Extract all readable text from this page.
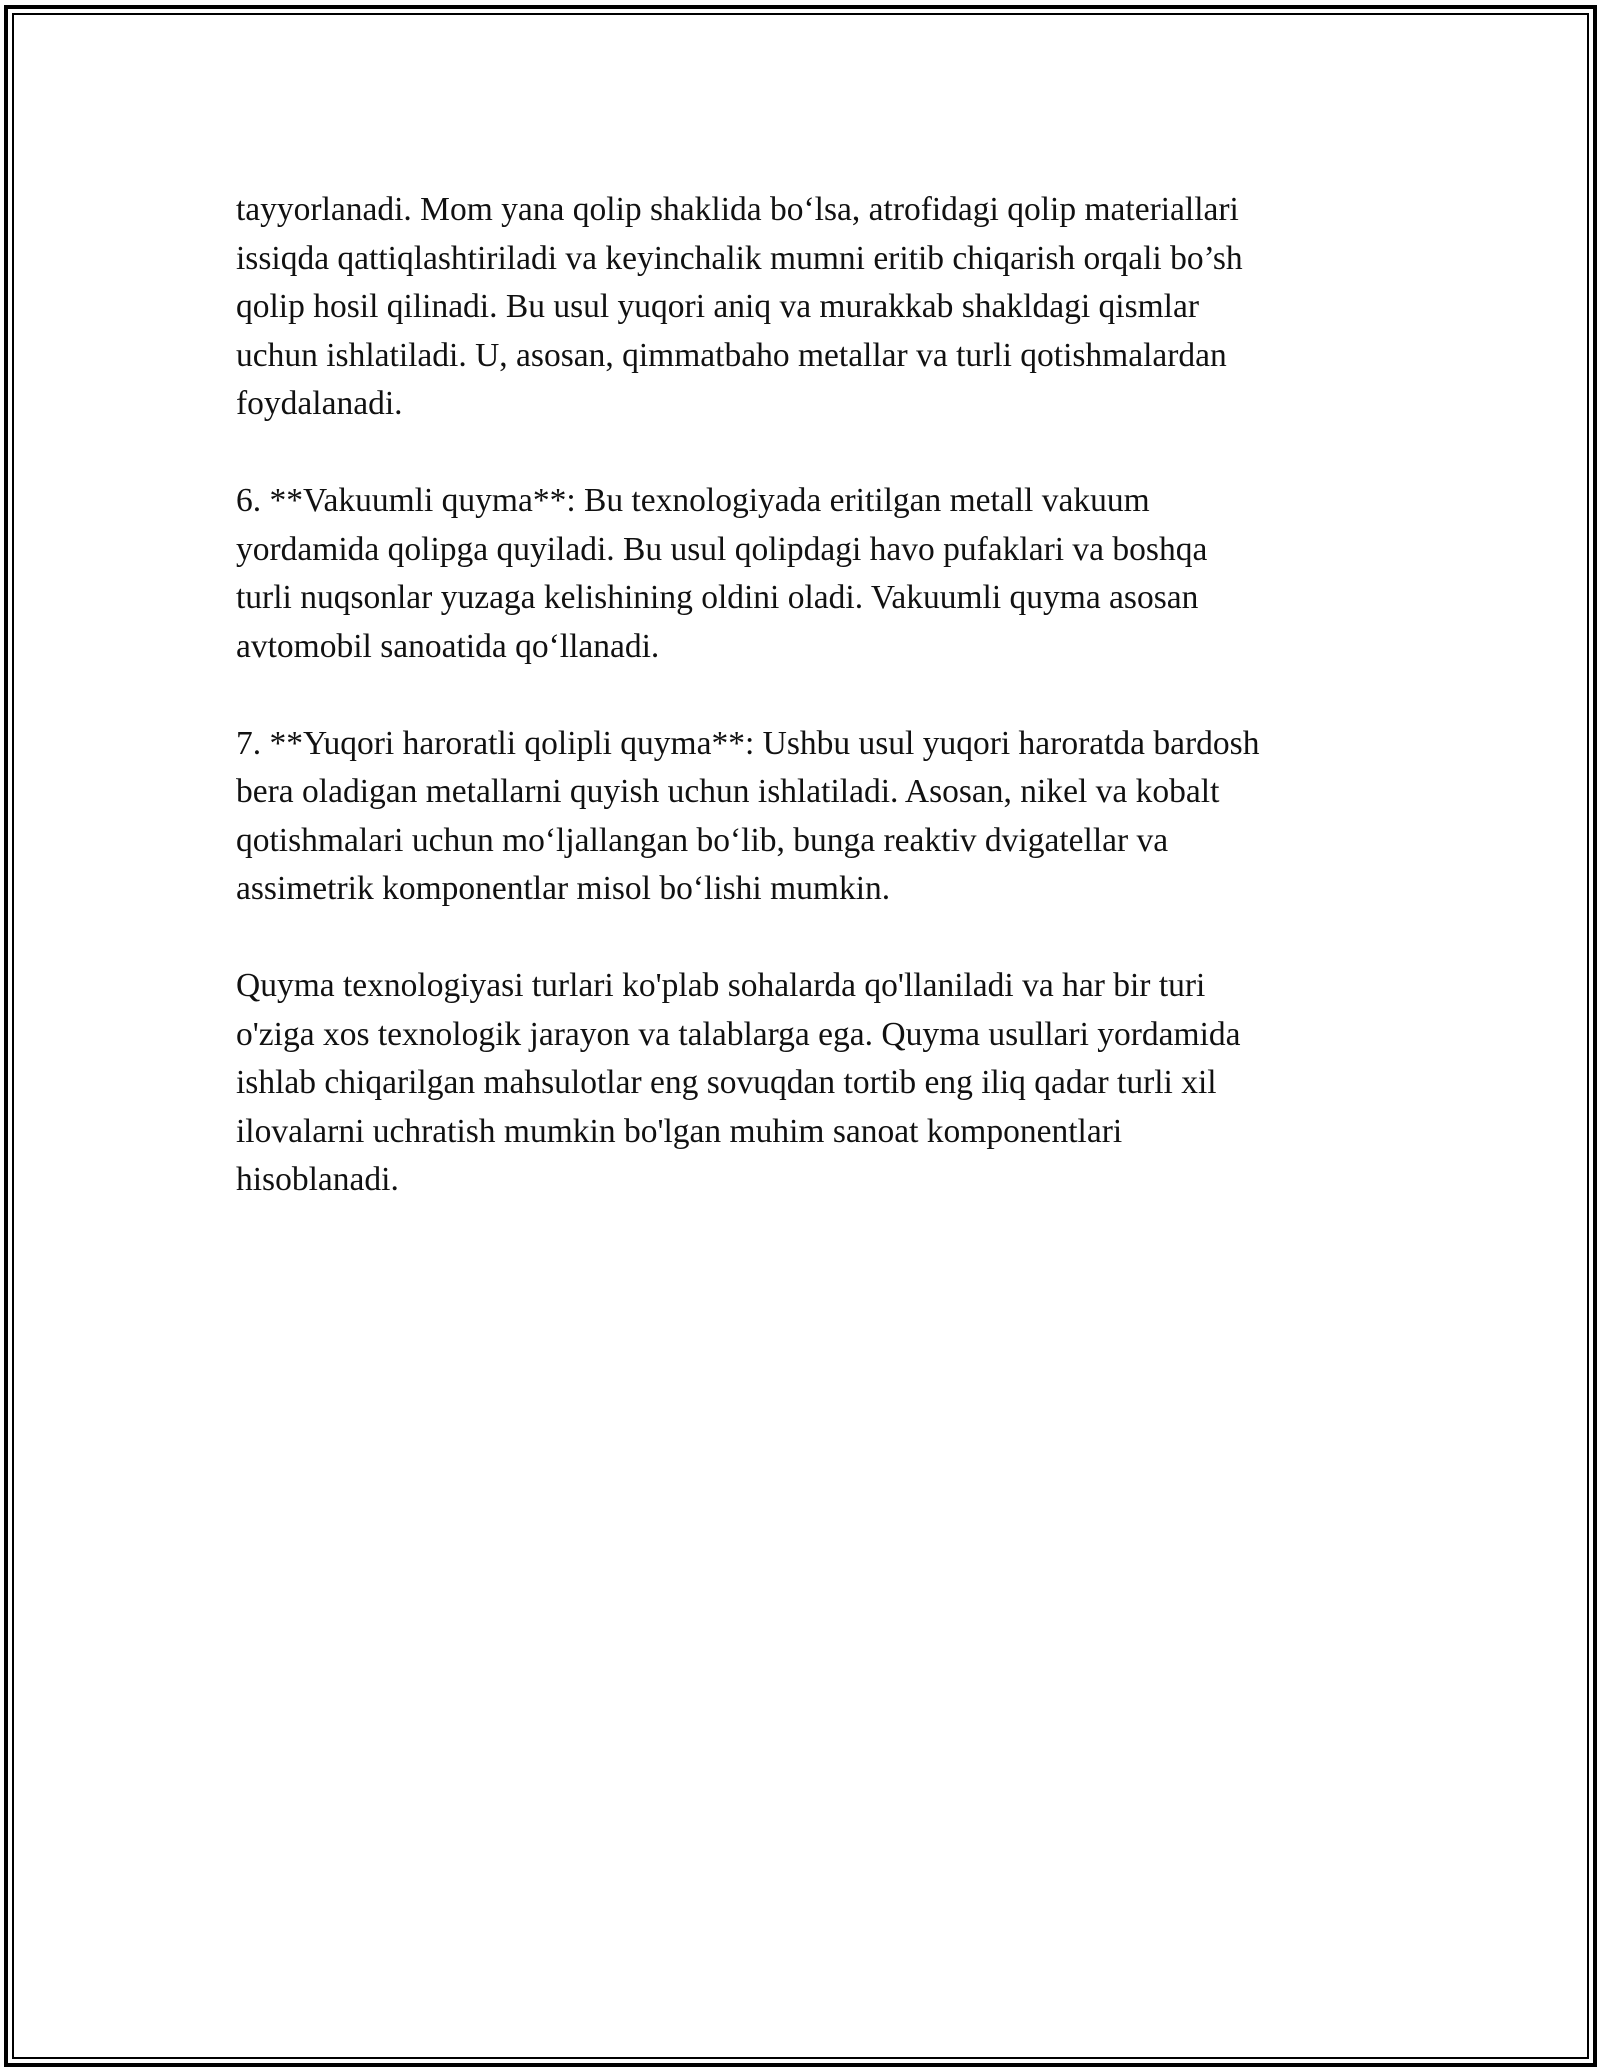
tayyorlanadi. Mom yana qolip shaklida bo‘lsa, atrofidagi qolip materiallari
issiqda qattiqlashtiriladi va keyinchalik mumni eritib chiqarish orqali bo’sh
qolip hosil qilinadi. Bu usul yuqori aniq va murakkab shakldagi qismlar
uchun ishlatiladi. U, asosan, qimmatbaho metallar va turli qotishmalardan
foydalanadi.

6. **Vakuumli quyma**: Bu texnologiyada eritilgan metall vakuum
yordamida qolipga quyiladi. Bu usul qolipdagi havo pufaklari va boshqa
turli nuqsonlar yuzaga kelishining oldini oladi. Vakuumli quyma asosan
avtomobil sanoatida qo‘llanadi.

7. **Yuqori haroratli qolipli quyma**: Ushbu usul yuqori haroratda bardosh
bera oladigan metallarni quyish uchun ishlatiladi. Asosan, nikel va kobalt
qotishmalari uchun mo‘ljallangan bo‘lib, bunga reaktiv dvigatellar va
assimetrik komponentlar misol bo‘lishi mumkin.

Quyma texnologiyasi turlari ko'plab sohalarda qo'llaniladi va har bir turi
o'ziga xos texnologik jarayon va talablarga ega. Quyma usullari yordamida
ishlab chiqarilgan mahsulotlar eng sovuqdan tortib eng iliq qadar turli xil
ilovalarni uchratish mumkin bo'lgan muhim sanoat komponentlari
hisoblanadi.
